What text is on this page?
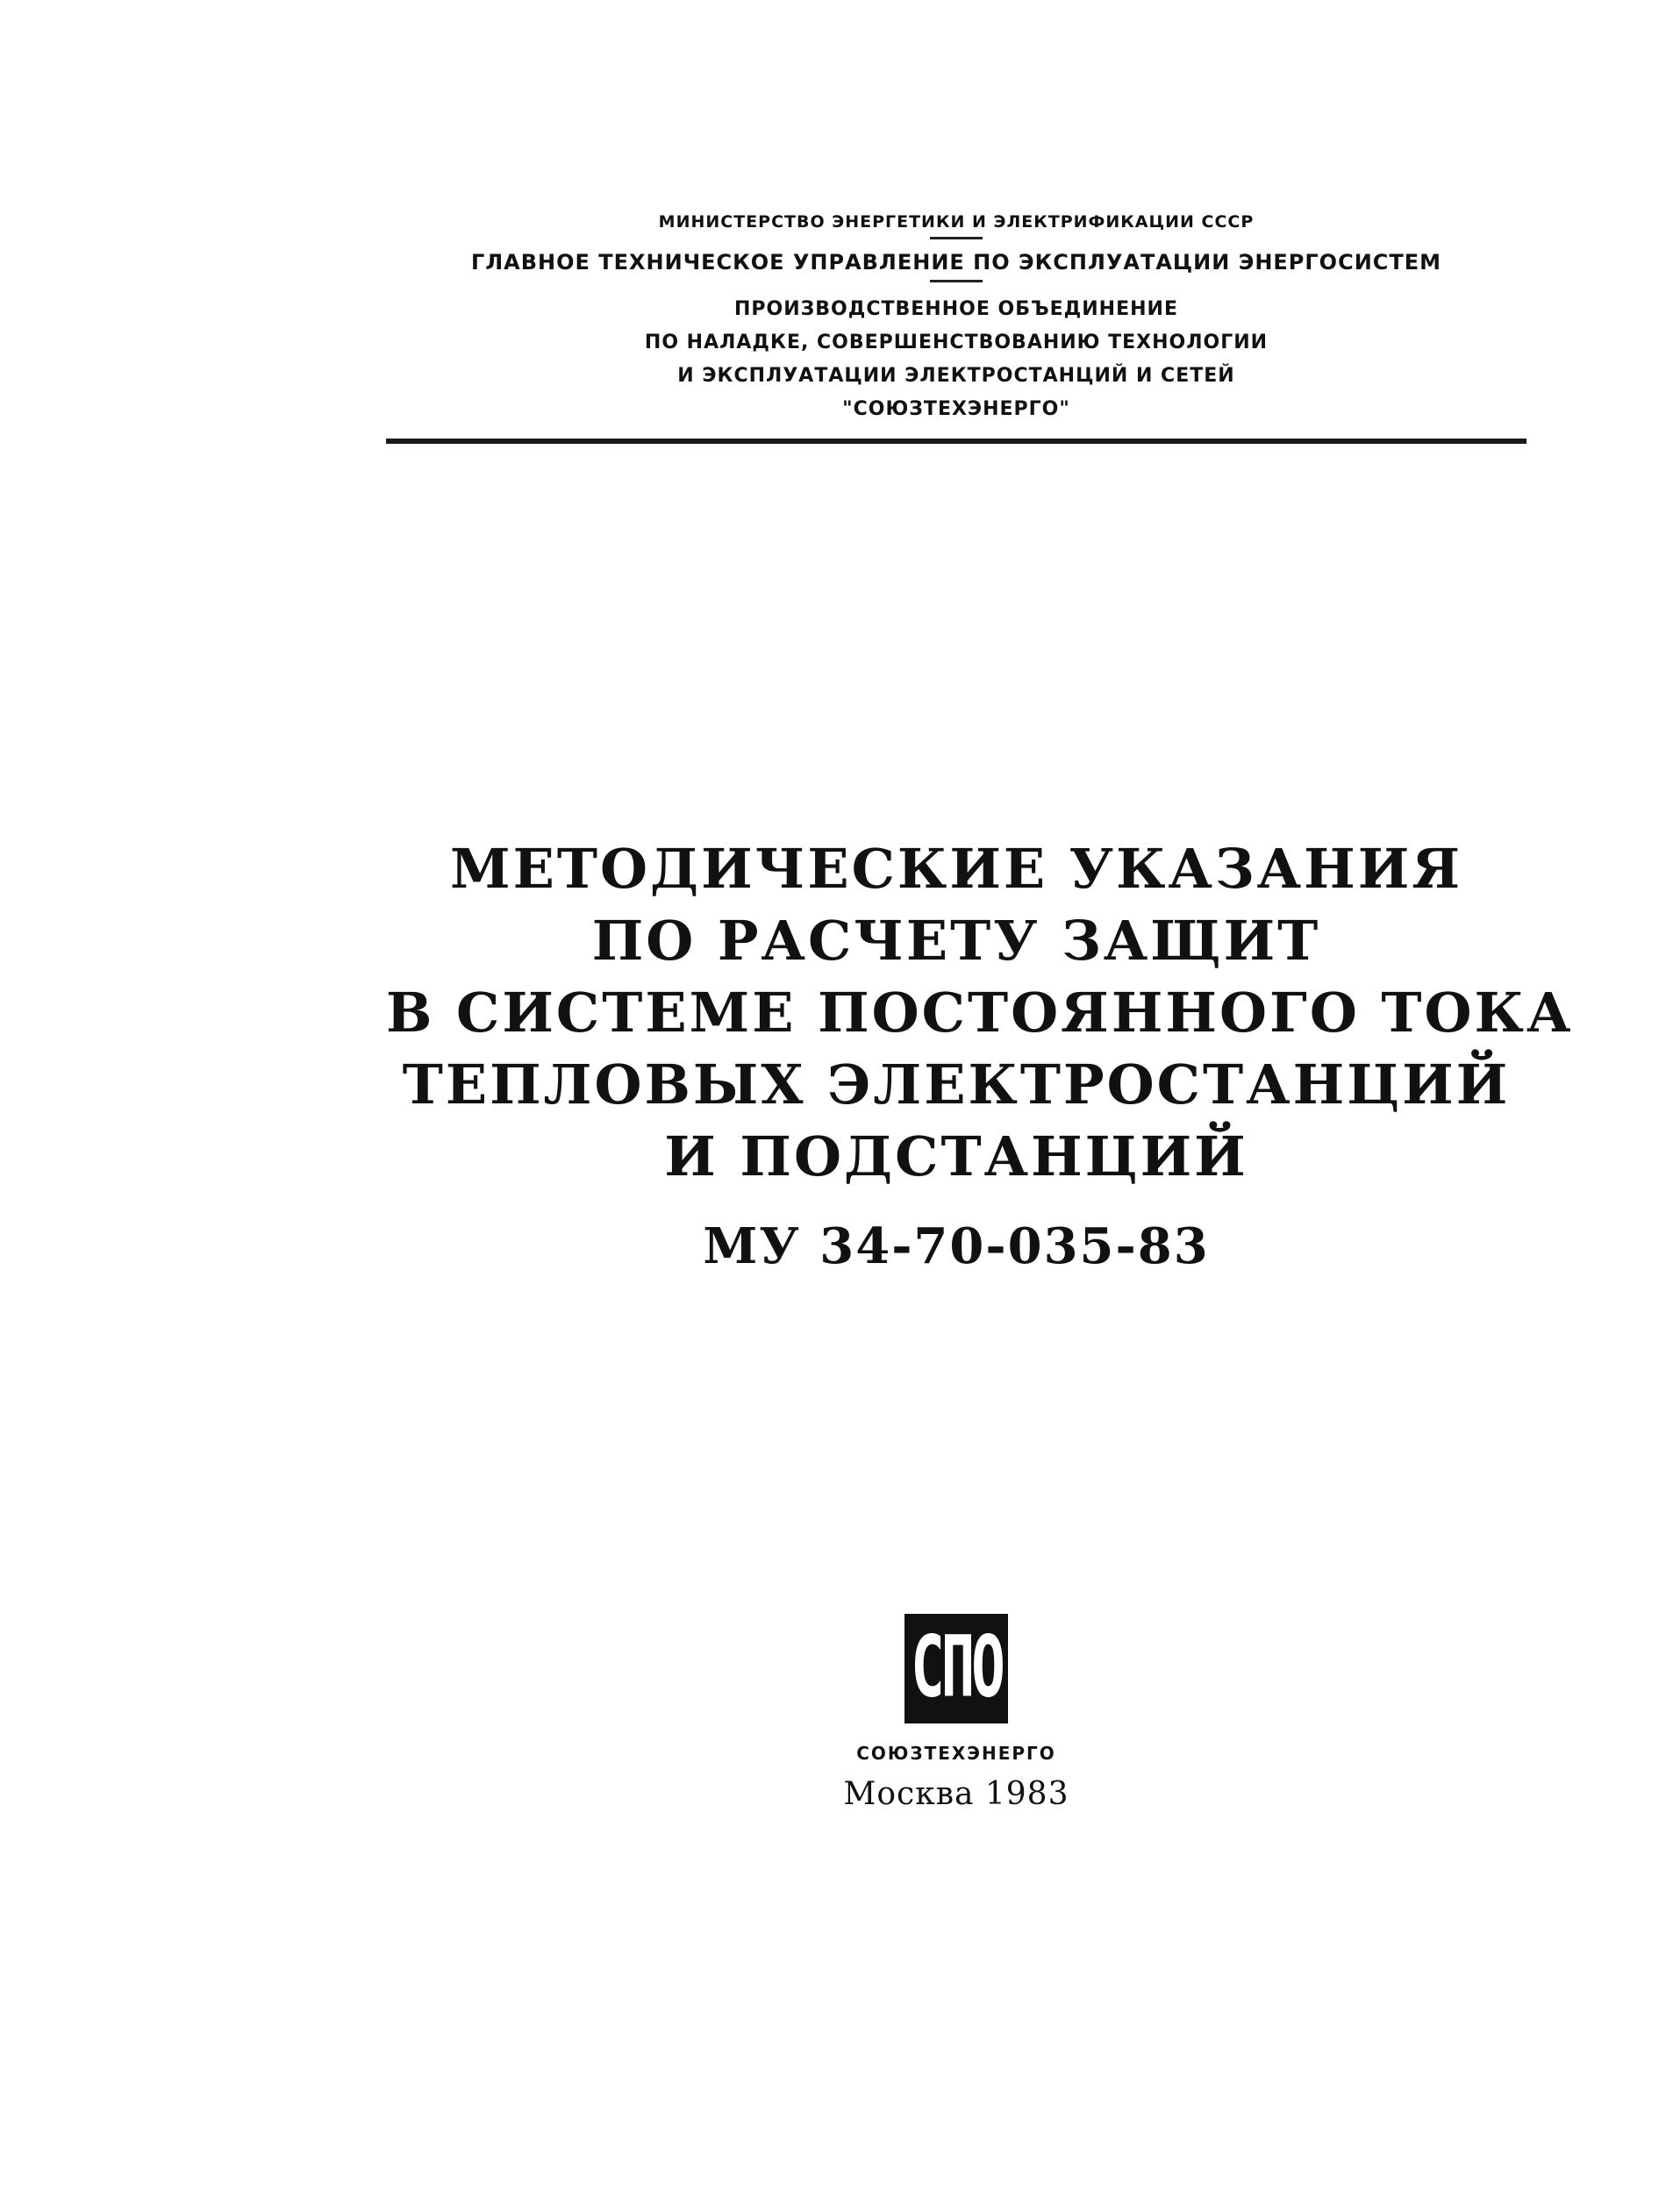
МИНИСТЕРСТВО ЭНЕРГЕТИКИ И ЭЛЕКТРИФИКАЦИИ СССР
ГЛАВНОЕ ТЕХНИЧЕСКОЕ УПРАВЛЕНИЕ ПО ЭКСПЛУАТАЦИИ ЭНЕРГОСИСТЕМ
ПРОИЗВОДСТВЕННОЕ ОБЪЕДИНЕНИЕ
ПО НАЛАДКЕ, СОВЕРШЕНСТВОВАНИЮ ТЕХНОЛОГИИ
И ЭКСПЛУАТАЦИИ ЭЛЕКТРОСТАНЦИЙ И СЕТЕЙ
"СОЮЗТЕХЭНЕРГО"
МЕТОДИЧЕСКИЕ УКАЗАНИЯ
ПО РАСЧЕТУ ЗАЩИТ
В СИСТЕМЕ ПОСТОЯННОГО ТОКА
ТЕПЛОВЫХ ЭЛЕКТРОСТАНЦИЙ
И ПОДСТАНЦИЙ
МУ 34-70-035-83
СПО
СОЮЗТЕХЭНЕРГО
Москва 1983
